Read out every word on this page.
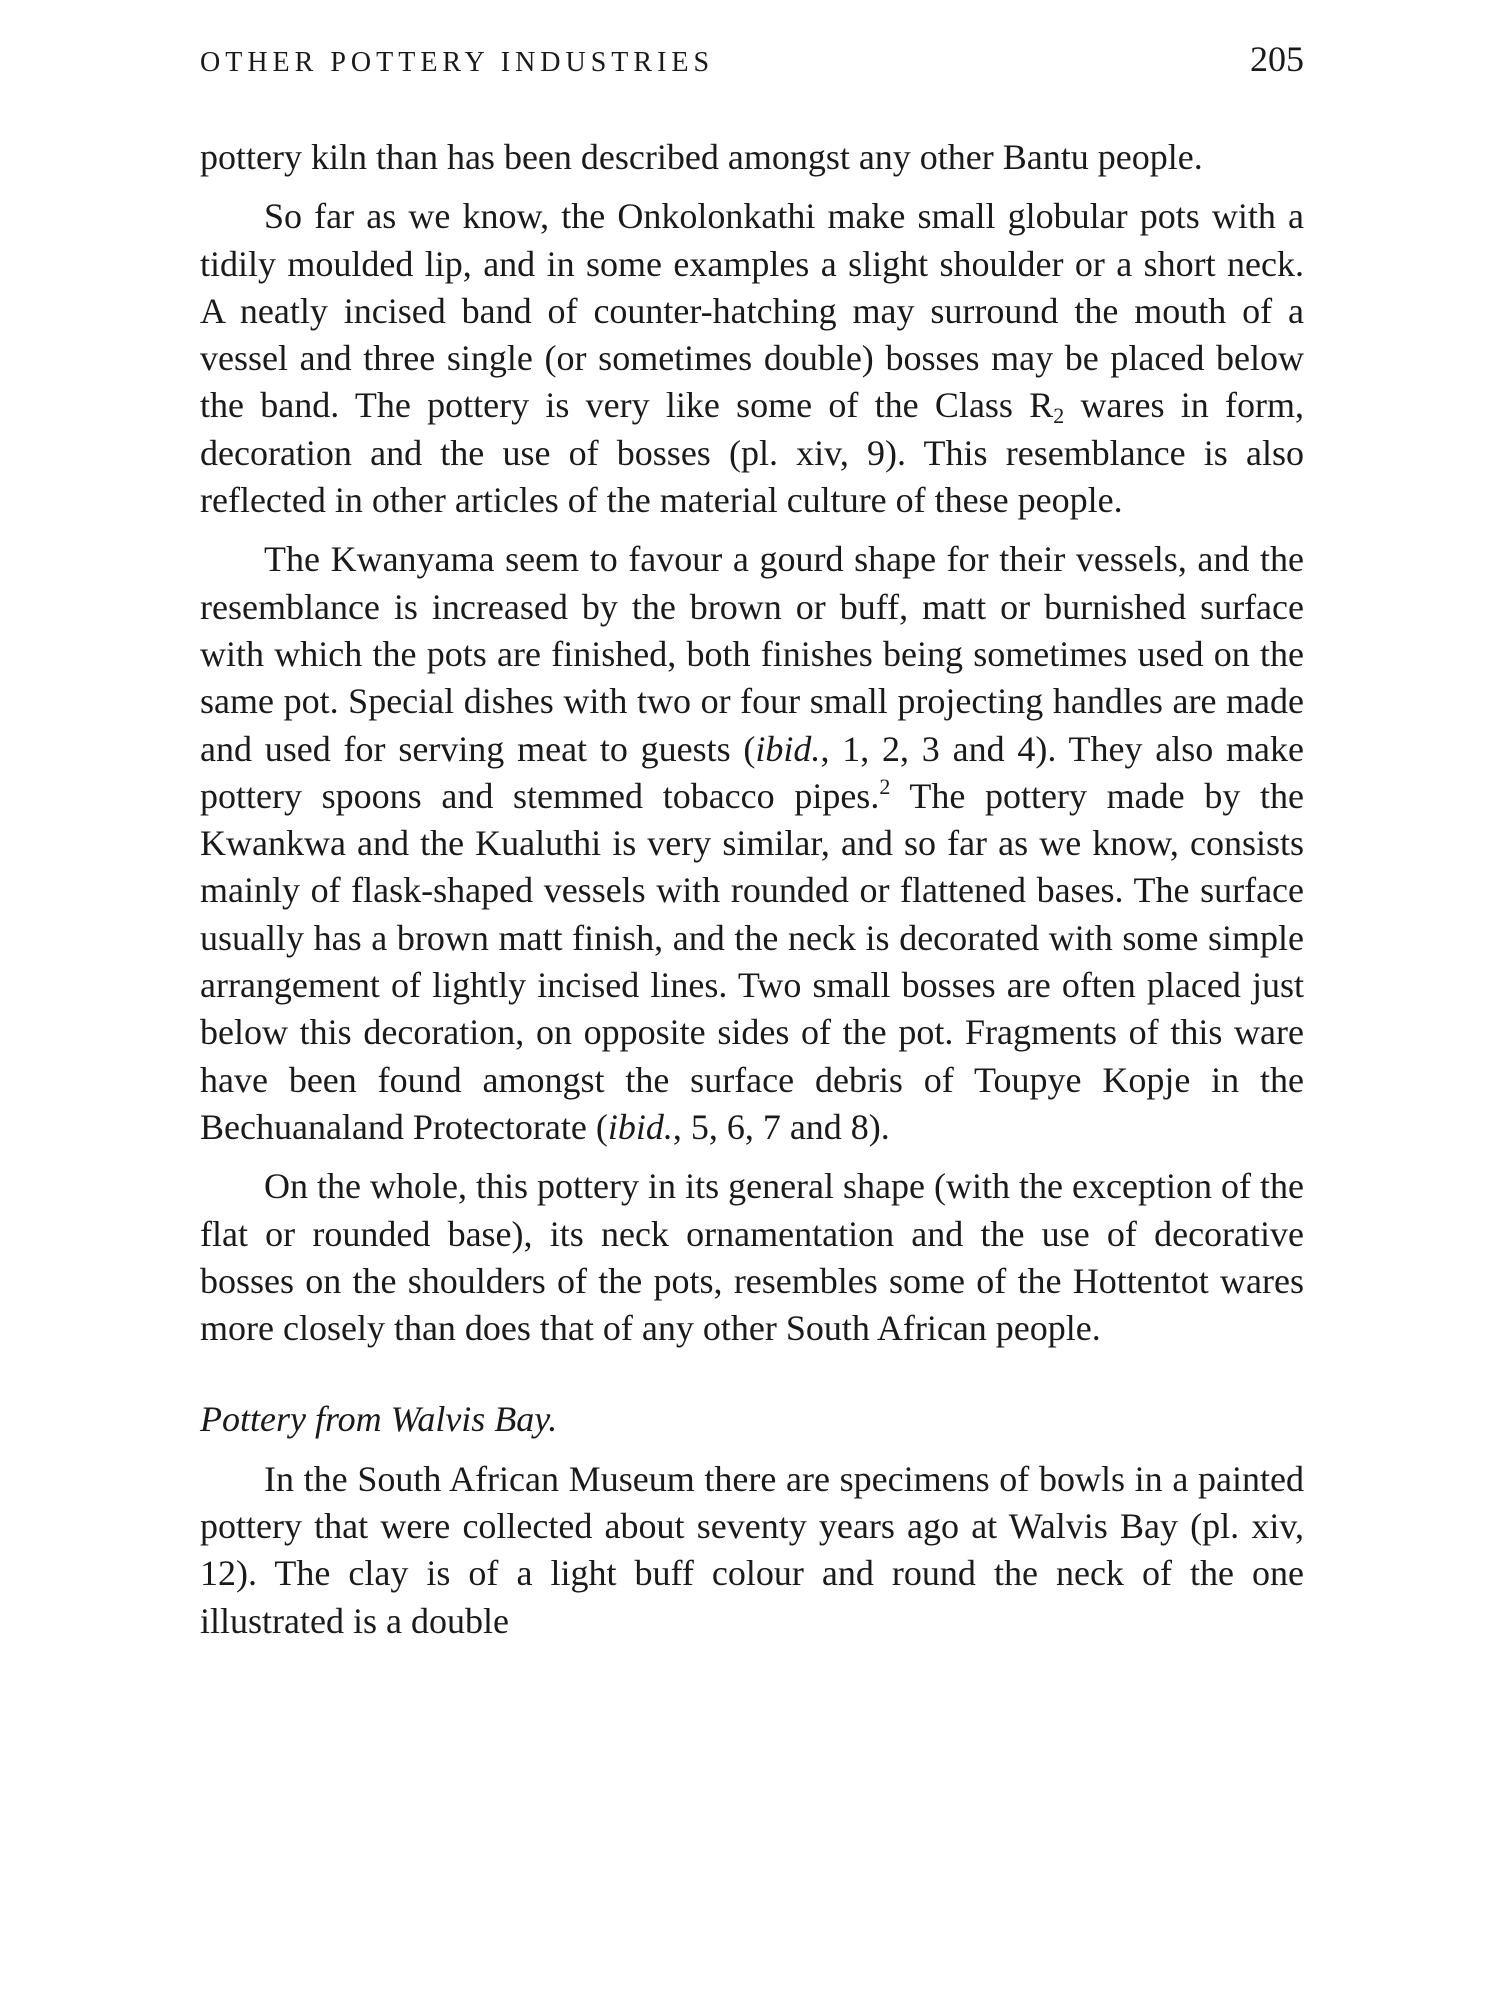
OTHER POTTERY INDUSTRIES	205

pottery kiln than has been described amongst any other Bantu people.

So far as we know, the Onkolonkathi make small globular pots with a tidily moulded lip, and in some examples a slight shoulder or a short neck. A neatly incised band of counter-hatching may surround the mouth of a vessel and three single (or sometimes double) bosses may be placed below the band. The pottery is very like some of the Class $R_2$ wares in form, decoration and the use of bosses (pl. xiv, 9). This resemblance is also reflected in other articles of the material culture of these people.

The Kwanyama seem to favour a gourd shape for their vessels, and the resemblance is increased by the brown or buff, matt or burnished surface with which the pots are finished, both finishes being sometimes used on the same pot. Special dishes with two or four small projecting handles are made and used for serving meat to guests (ibid., 1, 2, 3 and 4). They also make pottery spoons and stemmed tobacco pipes.$^2$ The pottery made by the Kwankwa and the Kualuthi is very similar, and so far as we know, consists mainly of flask-shaped vessels with rounded or flattened bases. The surface usually has a brown matt finish, and the neck is decorated with some simple arrangement of lightly incised lines. Two small bosses are often placed just below this decoration, on opposite sides of the pot. Fragments of this ware have been found amongst the surface debris of Toupye Kopje in the Bechuanaland Protectorate (ibid., 5, 6, 7 and 8).

On the whole, this pottery in its general shape (with the exception of the flat or rounded base), its neck ornamentation and the use of decorative bosses on the shoulders of the pots, resembles some of the Hottentot wares more closely than does that of any other South African people.

Pottery from Walvis Bay.

In the South African Museum there are specimens of bowls in a painted pottery that were collected about seventy years ago at Walvis Bay (pl. xiv, 12). The clay is of a light buff colour and round the neck of the one illustrated is a double
